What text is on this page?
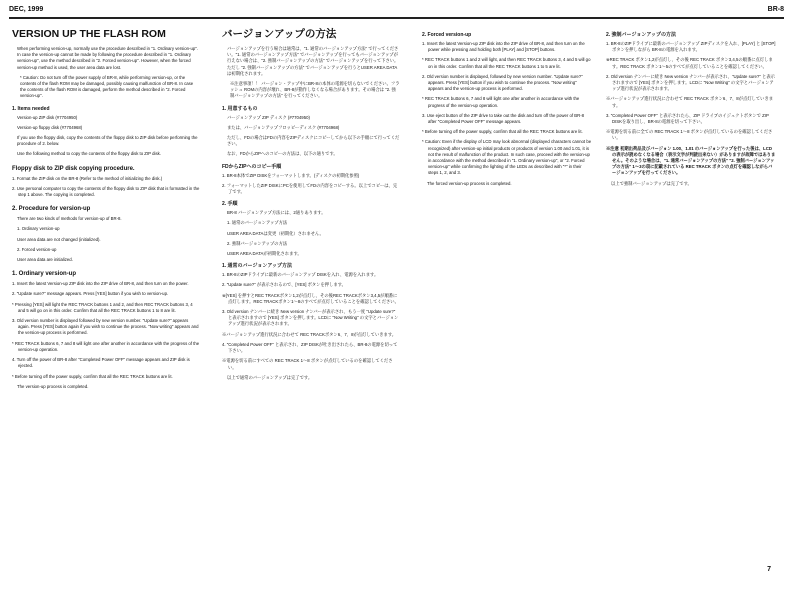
DEC, 1999	BR-8
VERSION UP THE FLASH ROM

When performing version-up, normally use the procedure described in "1. Ordinary version-up". In case the version-up cannot be made by following the procedure described in "1. Ordinary version-up", use the method described in "2. Forced version-up". However, when the forced version-up method is used, the user area data are lost.

* Caution: Do not turn off the power supply of BR-8, while performing version-up, or the contents of the flash ROM may be damaged, possibly causing malfunction of BR-8. In case the contents of the flash ROM is damaged, perform the method described in "2. Forced version-up".

1. Items needed

Version-up ZIP disk (#7704950)

Version-up floppy disk (#7704968)

If you use the floppy disk, copy the contents of the floppy disk to ZIP disk before performing the procedure of 2. below.

Use the following method to copy the contents of the floppy disk to ZIP disk.

Floppy disk to ZIP disk copying procedure.

1. Format the ZIP disk on the BR-8 (Refer to the method of initializing the disk.)

2. Use personal computer to copy the contents of the floppy disk to ZIP disk that is formatted in the step 1 above. The copying is completed.

2. Procedure for version-up

There are two kinds of methods for version-up of BR-8.

1. Ordinary version-up

User area data are not changed (initialized).

2. Forced version-up

User area data are initialized.

1. Ordinary version-up

1. Insert the latest Version-up ZIP disk into the ZIP drive of BR-8, and then turn on the power.

2. "Update sure?" message appears. Press [YES] button if you wish to version-up.

* Pressing [YES] will light the REC TRACK buttons 1 and 2, and then REC TRACK buttons 3, 4 and 5 will go on in this order. Confirm that all the REC TRACK buttons 1 to 8 are lit.

3. Old version number is displayed followed by new version number. "Update sure?" appears again. Press [YES] button again if you wish to continue the process. "Now writing" appears and the version-up process is performed.

* REC TRACK buttons 6, 7 and 8 will light one after another in accordance with the progress of the version-up operation.

4. Turn off the power of BR-8 after "Completed Power OFF" message appears and ZIP disk is ejected.

* Before turning off the power supply, confirm that all the REC TRACK buttons are lit.

The version-up process is completed.

バージョンアップの方法

バージョンアップを行う場合は通常は、"1. 通常のバージョンアップ方法" で行ってください。"1. 通常のバージョンアップ方法" でバージョンアップを行ってもバージョンアップが行えない場合は、"2. 強制バージョンアップの方法" でバージョンアップを行って下さい。ただし "2. 強制バージョンアップの方法" でバージョンアップを行うとUSER AREA DATAは初期化されます。

※注意事項！！ バージョン・アップ中にBR-8の本体の電源を切らないでください。フラッシュ ROMの内容が壊れ、BR-8が動作しなくなる場合があります。その場合は "2. 強制バージョンアップの方法" を行ってください。

1. 用意するもの

バージョンアップ ZIP ディスク (#7704950)

または、バージョンアップフロッピーディスク (#7704968)

ただし、FDの場合はFDの内容をZIPディスクにコピーしてから以下の手順にて行ってください。

なお、FDからZIPへのコピーの方法は、以下の通りです。

FDからZIPへのコピー手順

1. BR-8本体でZIP DISKをフォーマットします。(ディスクの初期化参照)

2. フォーマットしたZIP DISKにPCを使用してFDの内容をコピーする。以上でコピーは、完了です。

2. 手順

BR-8 バージョンアップ方法には、2通りあります。

1. 通常のバージョンアップ方法

USER AREA DATAは変更（初期化）されません。

2. 強制バージョンアップの方法

USER AREA DATAが初期化されます。

1. 通常のバージョンアップ方法

1. BR-8のZIPドライブに最新のバージョンアップ DISKを入れ、電源を入れます。

2. "Update sure?" が表示されるので、[YES] ボタンを押します。

※[YES] を押すとREC TRACKボタン1,2が点灯し、その後REC TRACKボタン3,4,5が順番に点灯します。REC TRACKボタン1～8のすべてが点灯していることを確認してください。

3. Old version ナンバーに続き New version ナンバーが表示され、もう一度 "Update sure?" と表示されますので [YES] ボタンを押します。LCDに "Now Writing" の文字とバージョンアップ進行状況が表示されます。

※バージョンアップ進行状況に合わせて REC TRACKボタン6、7、8が点灯していきます。

4. "Completed Power OFF" と表示され、ZIP DISKが吐き出されたら、BR-8の電源を切って下さい。

※電源を切る前にすべての REC TRACK 1～8 ボタンが点灯しているのを確認してください。

以上で通常のバージョンアップは完了です。

2. Forced version-up

1. Insert the latest Version-up ZIP disk into the ZIP drive of BR-8, and then turn on the power while pressing and holding both [PLAY] and [STOP] buttons.

* REC TRACK buttons 1 and 2 will light, and then REC TRACK buttons 3, 4 and 5 will go on in this order. Confirm that all the REC TRACK buttons 1 to 5 are lit.

2. Old version number is displayed, followed by new version number. "Update sure?" appears. Press [YES] button if you wish to continue the process. "Now writing" appears and the version-up process is performed.

* REC TRACK buttons 6, 7 and 8 will light one after another in accordance with the progress of the version-up operation.

3. Use eject button of the ZIP drive to take out the disk and turn off the power of BR-8 after "Completed Power OFF" message appears.

* Before turning off the power supply, confirm that all the REC TRACK buttons are lit.

* Caution: Even if the display of LCD may look abnormal (displayed characters cannot be recognized) after version-up initial products or products of version 1.00 and 1.01, it is not the result of malfunction of the product. In such case, proceed with the version-up in accordance with the method described in "1. Ordinary version-up", or "2. Forced version-up" while confirming the lighting of the LEDs as described with "*" in their steps 1, 2, and 3.

The forced version-up process is completed.

2. 強制バージョンアップの方法

1. BR-8のZIPドライブに最新のバージョンアップ ZIPディスクを入れ、[PLAY] と [STOP] ボタンを押しながら BR-8の電源を入れます。

※REC TRACK ボタン1,2が点灯し、その後 REC TRACK ボタン3,4,5の順番に点灯します。REC TRACK ボタン1～5のすべてが点灯していることを確認してください。

2. Old version ナンバーに続き New version ナンバーが表示され、"Update sure?" と表示されますので [YES] ボタンを押します。LCDに "Now Writing" の文字とバージョンアップ進行状況が表示されます。

※バージョンアップ進行状況に合わせて REC TRACK ボタン6、7、8が点灯していきます。

3. "Completed Power OFF" と表示されたら、ZIP ドライブのイジェクトボタンで ZIP DISKを取り出し、BR-8の電源を切って下さい。

※電源を切る前に全ての REC TRACK 1～8 ボタンが点灯しているのを確認してください。

※注意 初期出荷品及びバージョン 1.00、1.01 のバージョンアップを行った後は、LCD の表示が読めなくなる場合（表示文字が判読出来ない）がありますが故障ではありません。そのような場合は、"1. 通常バージョンアップの方法" "2. 強制バージョンアップの方法" 1～3の項に記載されている REC TRACK ボタンの点灯を確認しながらバージョンアップを行ってください。

以上で強制バージョンアップは完了です。

7
